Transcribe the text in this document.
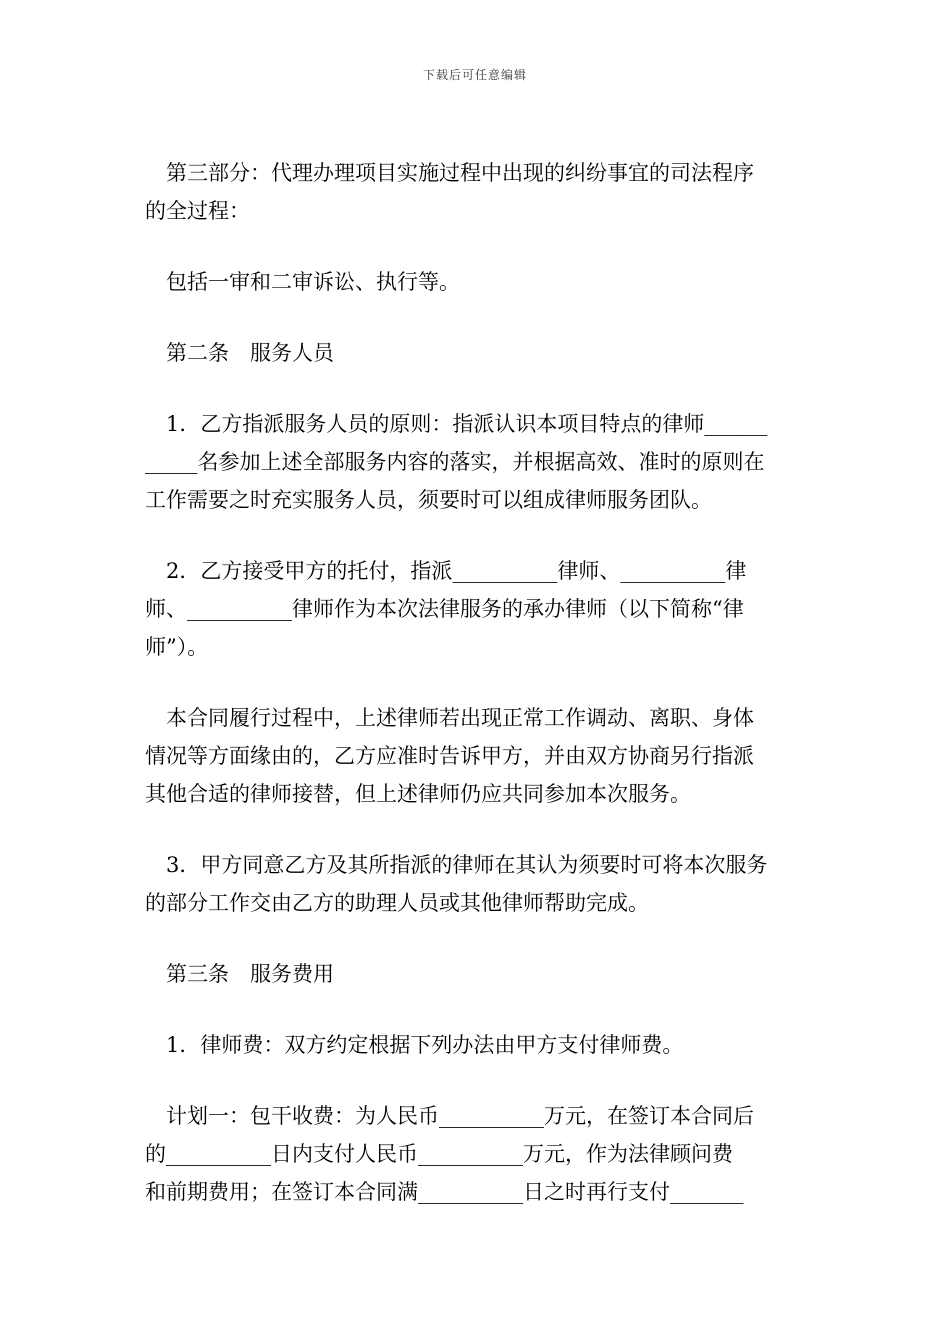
下载后可任意编辑
第三部分：代理办理项目实施过程中出现的纠纷事宜的司法程序
的全过程：
包括一审和二审诉讼、执行等。
第二条　服务人员
1．乙方指派服务人员的原则：指派认识本项目特点的律师______
_____名参加上述全部服务内容的落实，并根据高效、准时的原则在
工作需要之时充实服务人员，须要时可以组成律师服务团队。
2．乙方接受甲方的托付，指派__________律师、__________律
师、__________律师作为本次法律服务的承办律师（以下简称“律
师”）。
本合同履行过程中，上述律师若出现正常工作调动、离职、身体
情况等方面缘由的，乙方应准时告诉甲方，并由双方协商另行指派
其他合适的律师接替，但上述律师仍应共同参加本次服务。
3．甲方同意乙方及其所指派的律师在其认为须要时可将本次服务
的部分工作交由乙方的助理人员或其他律师帮助完成。
第三条　服务费用
1．律师费：双方约定根据下列办法由甲方支付律师费。
计划一：包干收费：为人民币__________万元，在签订本合同后
的__________日内支付人民币__________万元，作为法律顾问费
和前期费用；在签订本合同满__________日之时再行支付_______
